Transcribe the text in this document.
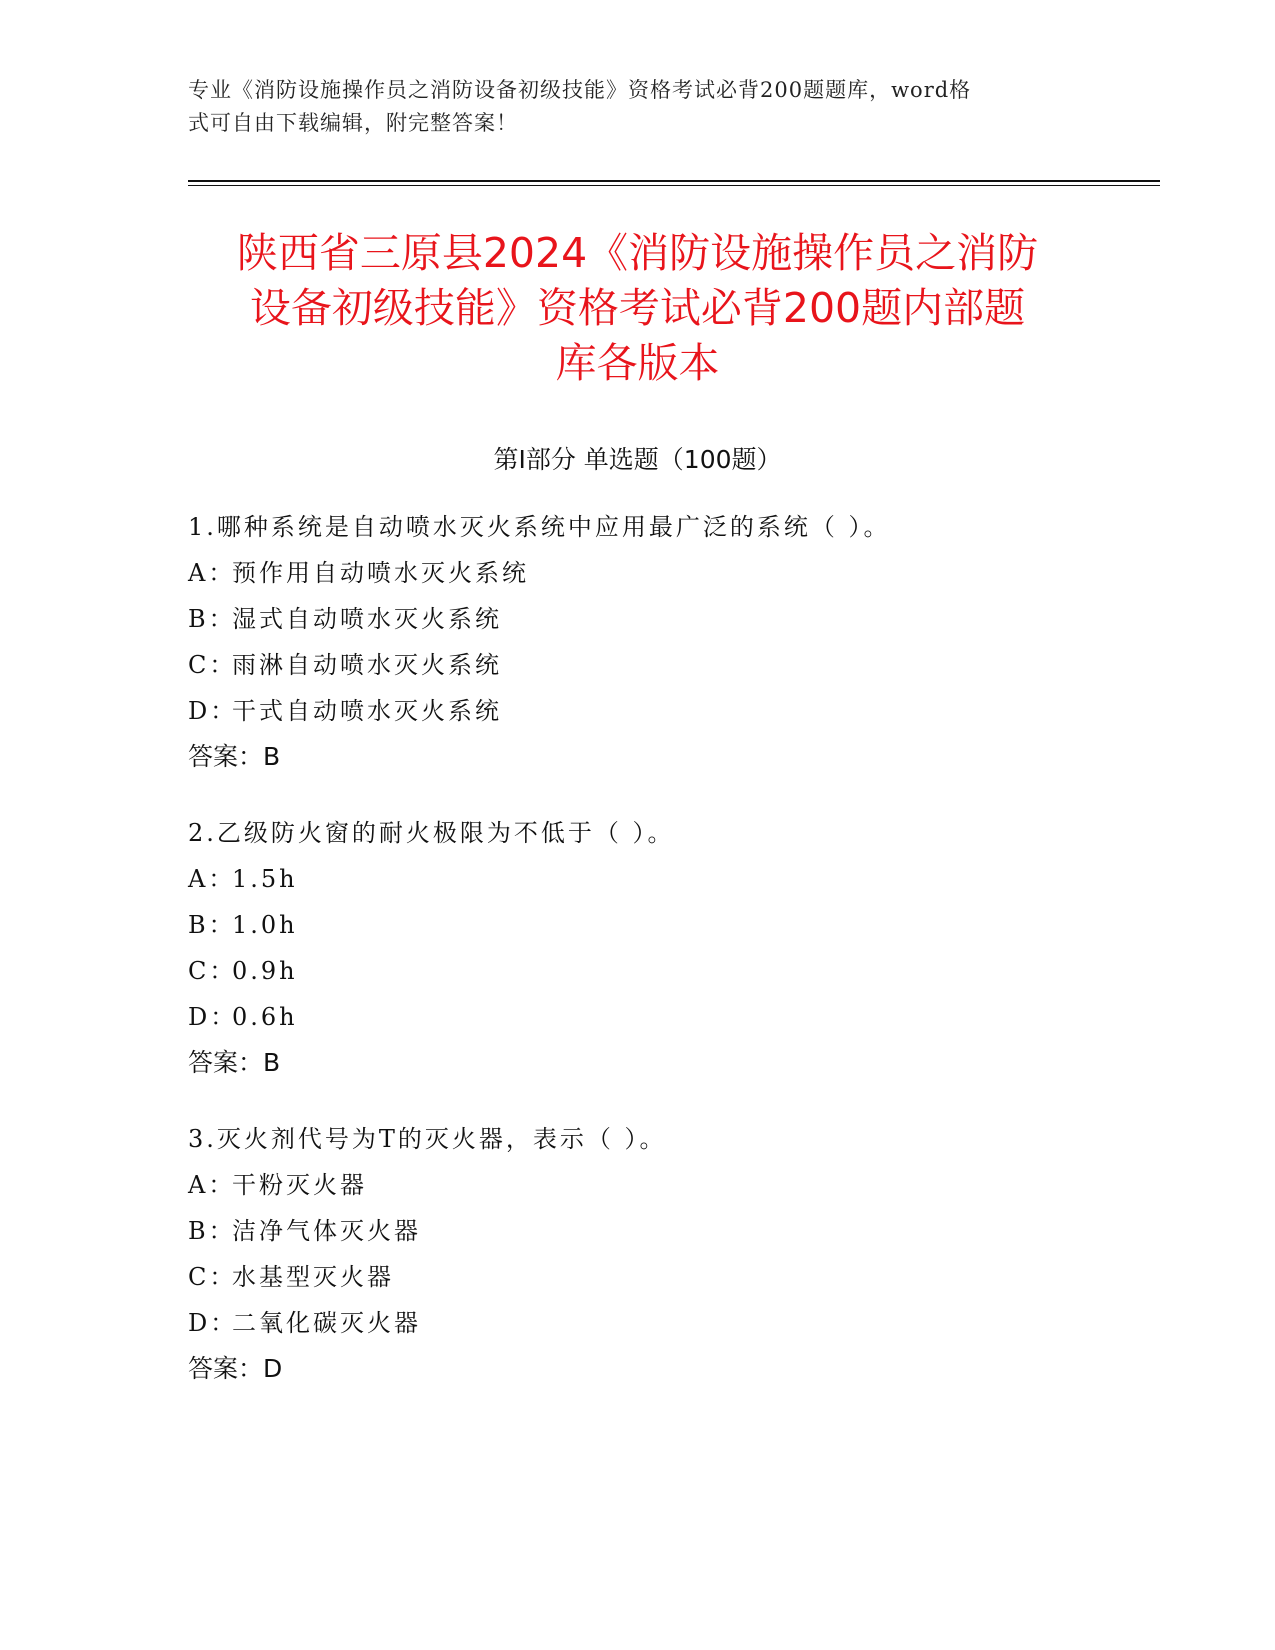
专业《消防设施操作员之消防设备初级技能》资格考试必背200题题库，word格
式可自由下载编辑，附完整答案！
陕西省三原县2024《消防设施操作员之消防
设备初级技能》资格考试必背200题内部题
库各版本
第Ⅰ部分 单选题（100题）
1.哪种系统是自动喷水灭火系统中应用最广泛的系统（ ）。
A：预作用自动喷水灭火系统
B：湿式自动喷水灭火系统
C：雨淋自动喷水灭火系统
D：干式自动喷水灭火系统
答案：B
2.乙级防火窗的耐火极限为不低于（ ）。
A：1.5h
B：1.0h
C：0.9h
D：0.6h
答案：B
3.灭火剂代号为T的灭火器，表示（ ）。
A：干粉灭火器
B：洁净气体灭火器
C：水基型灭火器
D：二氧化碳灭火器
答案：D
